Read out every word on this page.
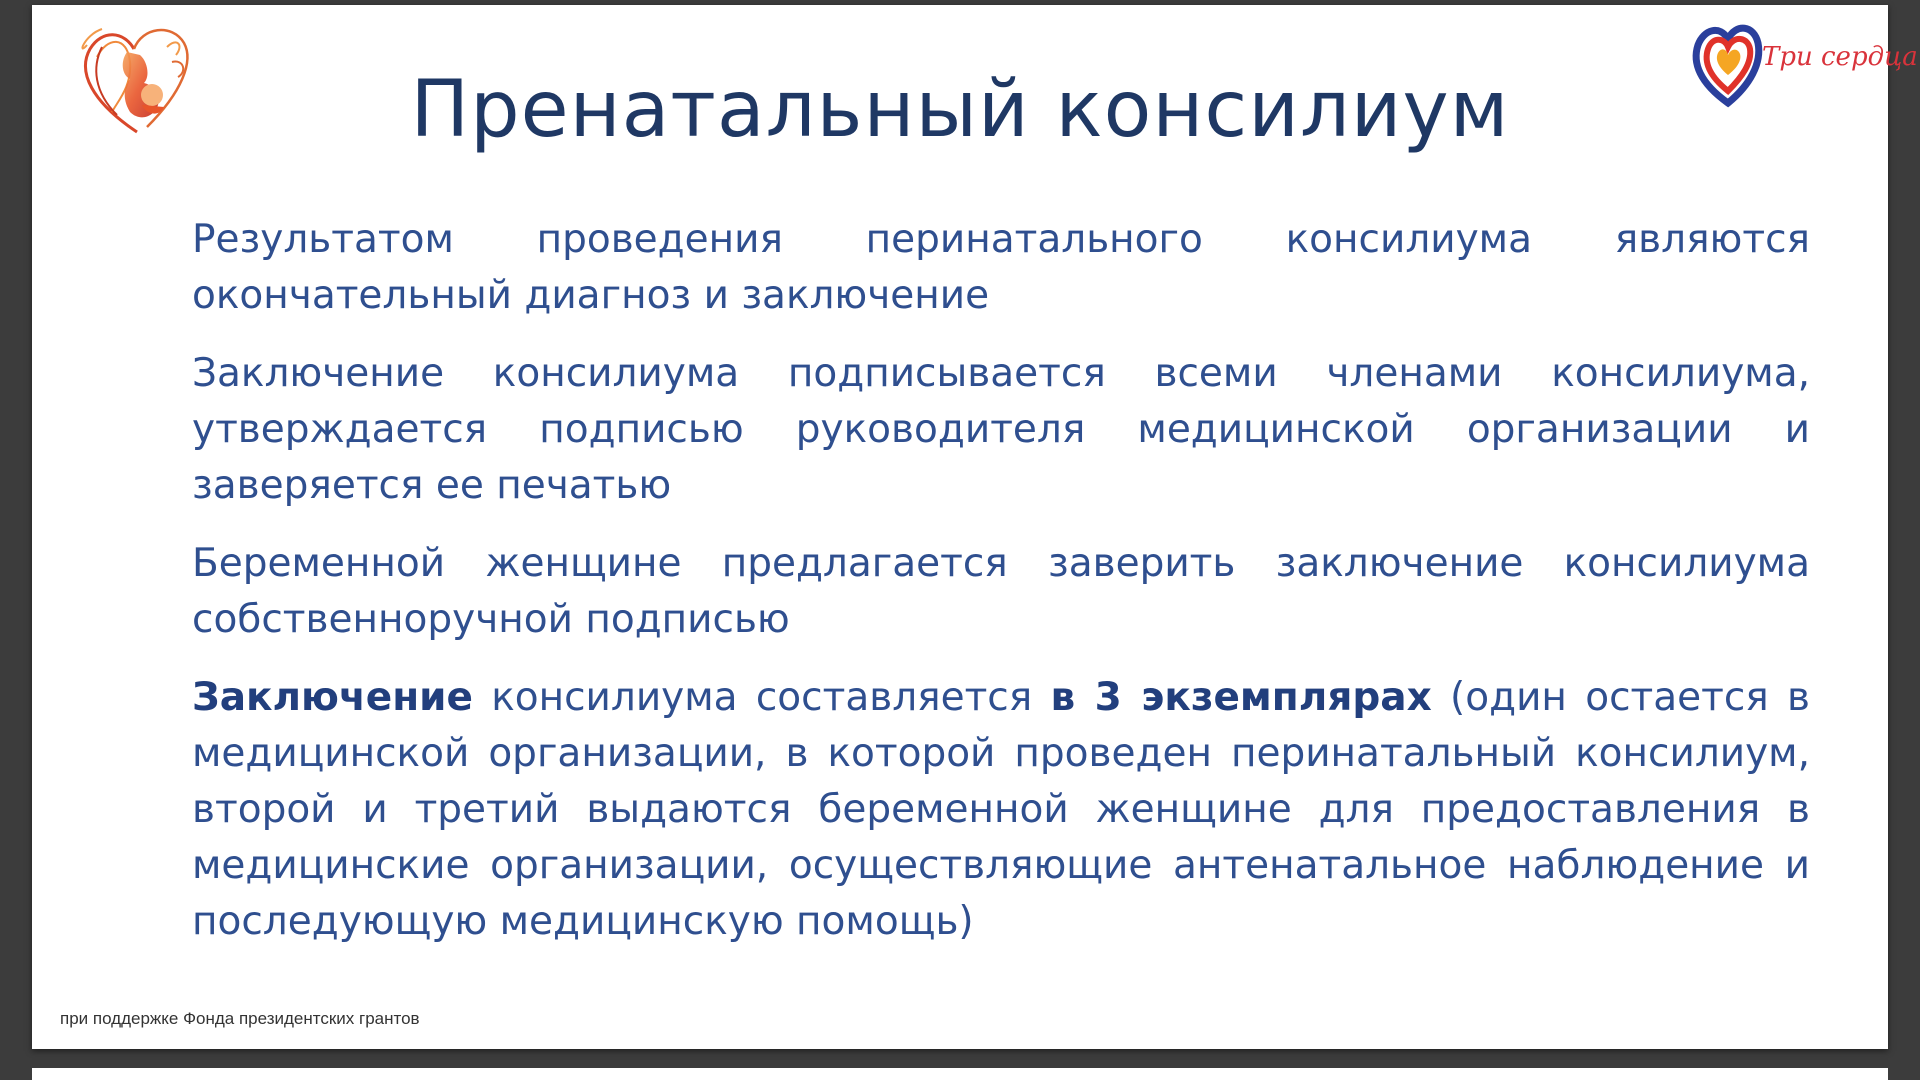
Три сердца
Пренатальный консилиум

Результатом проведения перинатального консилиума являются окончательный диагноз и заключение

Заключение консилиума подписывается всеми членами консилиума, утверждается подписью руководителя медицинской организации и заверяется ее печатью

Беременной женщине предлагается заверить заключение консилиума собственноручной подписью

Заключение консилиума составляется в 3 экземплярах (один остается в медицинской организации, в которой проведен перинатальный консилиум, второй и третий выдаются беременной женщине для предоставления в медицинские организации, осуществляющие антенатальное наблюдение и последующую медицинскую помощь)

при поддержке Фонда президентских грантов
